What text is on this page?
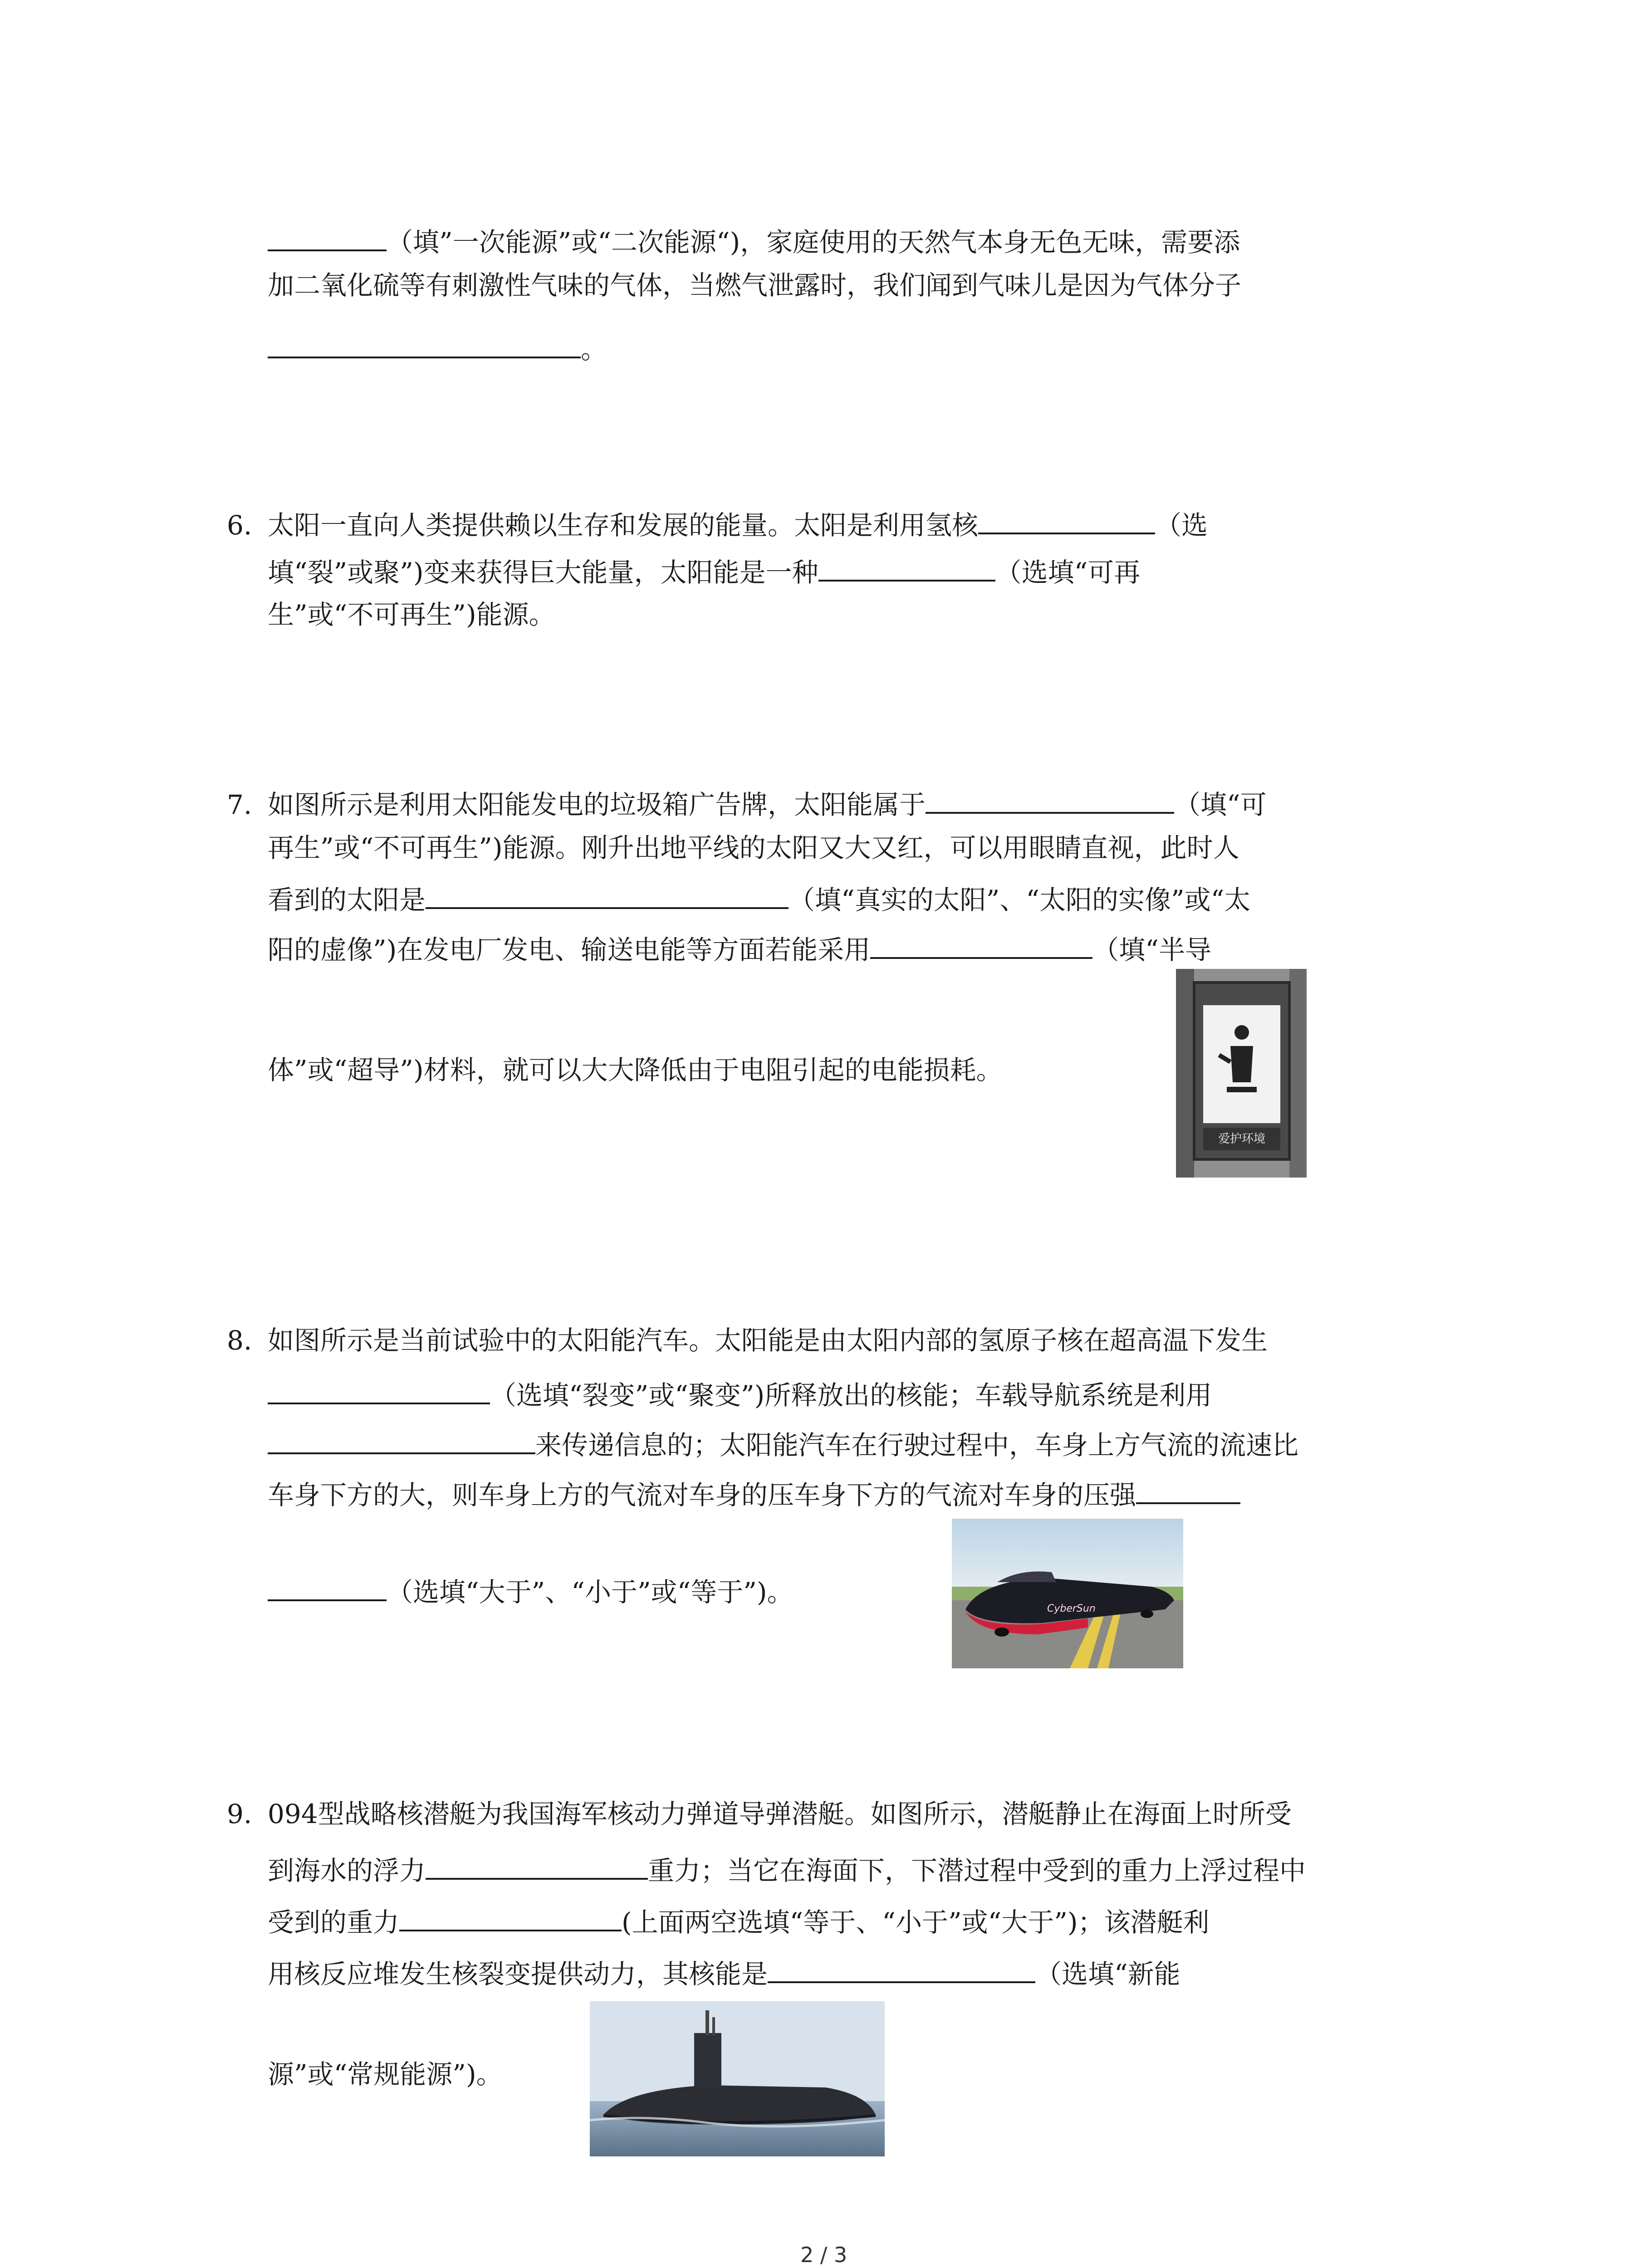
（填”一次能源”或“二次能源“)，家庭使用的天然气本身无色无味，需要添
加二氧化硫等有刺激性气味的气体，当燃气泄露时，我们闻到气味儿是因为气体分子
。
6. 太阳一直向人类提供赖以生存和发展的能量。太阳是利用氢核	（选
填“裂”或聚”)变来获得巨大能量，太阳能是一种	（选填“可再
生”或“不可再生”)能源。
7. 如图所示是利用太阳能发电的垃圾箱广告牌，太阳能属于	（填“可
再生”或“不可再生”)能源。刚升出地平线的太阳又大又红，可以用眼睛直视，此时人
看到的太阳是	（填“真实的太阳”、“太阳的实像”或“太
阳的虚像”)在发电厂发电、输送电能等方面若能采用	（填“半导
体”或“超导”)材料，就可以大大降低由于电阻引起的电能损耗。
爱护环境
8. 如图所示是当前试验中的太阳能汽车。太阳能是由太阳内部的氢原子核在超高温下发生
（选填“裂变”或“聚变”)所释放出的核能；车载导航系统是利用
来传递信息的；太阳能汽车在行驶过程中，车身上方气流的流速比
车身下方的大，则车身上方的气流对车身的压车身下方的气流对车身的压强
（选填“大于”、“小于”或“等于”)。
CyberSun
9. 094型战略核潜艇为我国海军核动力弹道导弹潜艇。如图所示，潜艇静止在海面上时所受
到海水的浮力	重力；当它在海面下，下潜过程中受到的重力上浮过程中
受到的重力	(上面两空选填“等于、“小于”或“大于”)；该潜艇利
用核反应堆发生核裂变提供动力，其核能是	（选填“新能
源”或“常规能源”)。
2 / 3
